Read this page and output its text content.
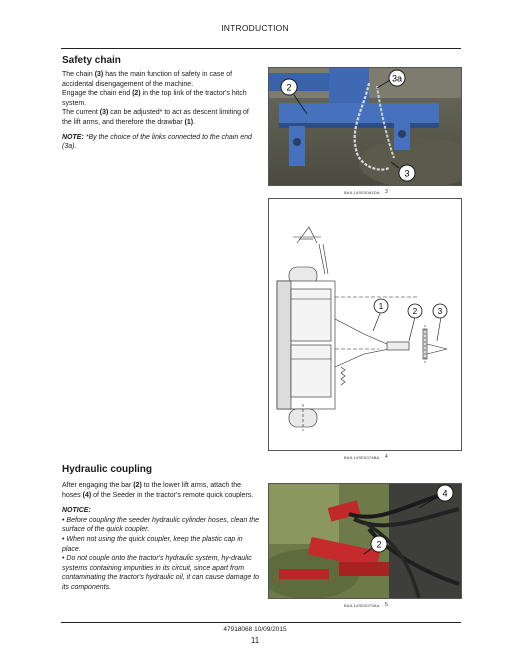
INTRODUCTION
Safety chain

The chain (3) has the main function of safety in case of accidental disengagement of the machine.

Engage the chain end (2) in the top link of the tractor's hitch system.

The current (3) can be adjusted* to act as descent limiting of the lift arms, and therefore the drawbar (1).

NOTE: *By the choice of the links connected to the chain end (3a).

3a
2
3
BAIL14SE0081DA 3
1
2	3
BAIL14SE0078BA 4
Hydraulic coupling

After engaging the bar (2) to the lower lift arms, attach the hoses (4) of the Seeder in the tractor's remote quick couplers.

NOTICE:

• Before coupling the seeder hydraulic cylinder hoses, clean the surface of the quick coupler.

• When not using the quick coupler, keep the plastic cap in place.

• Do not couple onto the tractor's hydraulic system, hy-draulic systems containing impurities in its circuit, since apart from contaminating the tractor's hydraulic oil, it can cause damage to its components.

4
2
BAIL14SE0079AA 5
47918068 10/09/2015
11
